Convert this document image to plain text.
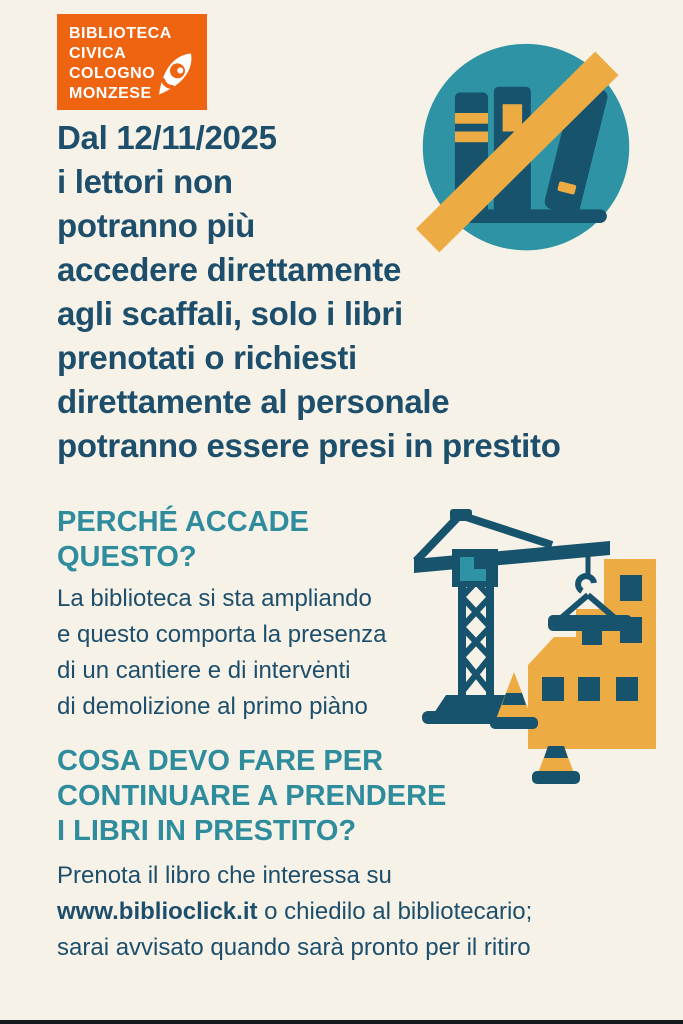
BIBLIOTECA
CIVICA
COLOGNO
MONZESE
Dal 12/11/2025
i lettori non
potranno più
accedere direttamente
agli scaffali, solo i libri
prenotati o richiesti
direttamente al personale
potranno essere presi in prestito
PERCHÉ ACCADE
QUESTO?
La biblioteca si sta ampliando
e questo comporta la presenza
di un cantiere e di intervėnti
di demolizione al primo piàno
COSA DEVO FARE PER
CONTINUARE A PRENDERE
I LIBRI IN PRESTITO?
Prenota il libro che interessa su
www.biblioclick.it o chiedilo al bibliotecario;
sarai avvisato quando sarà pronto per il ritiro
